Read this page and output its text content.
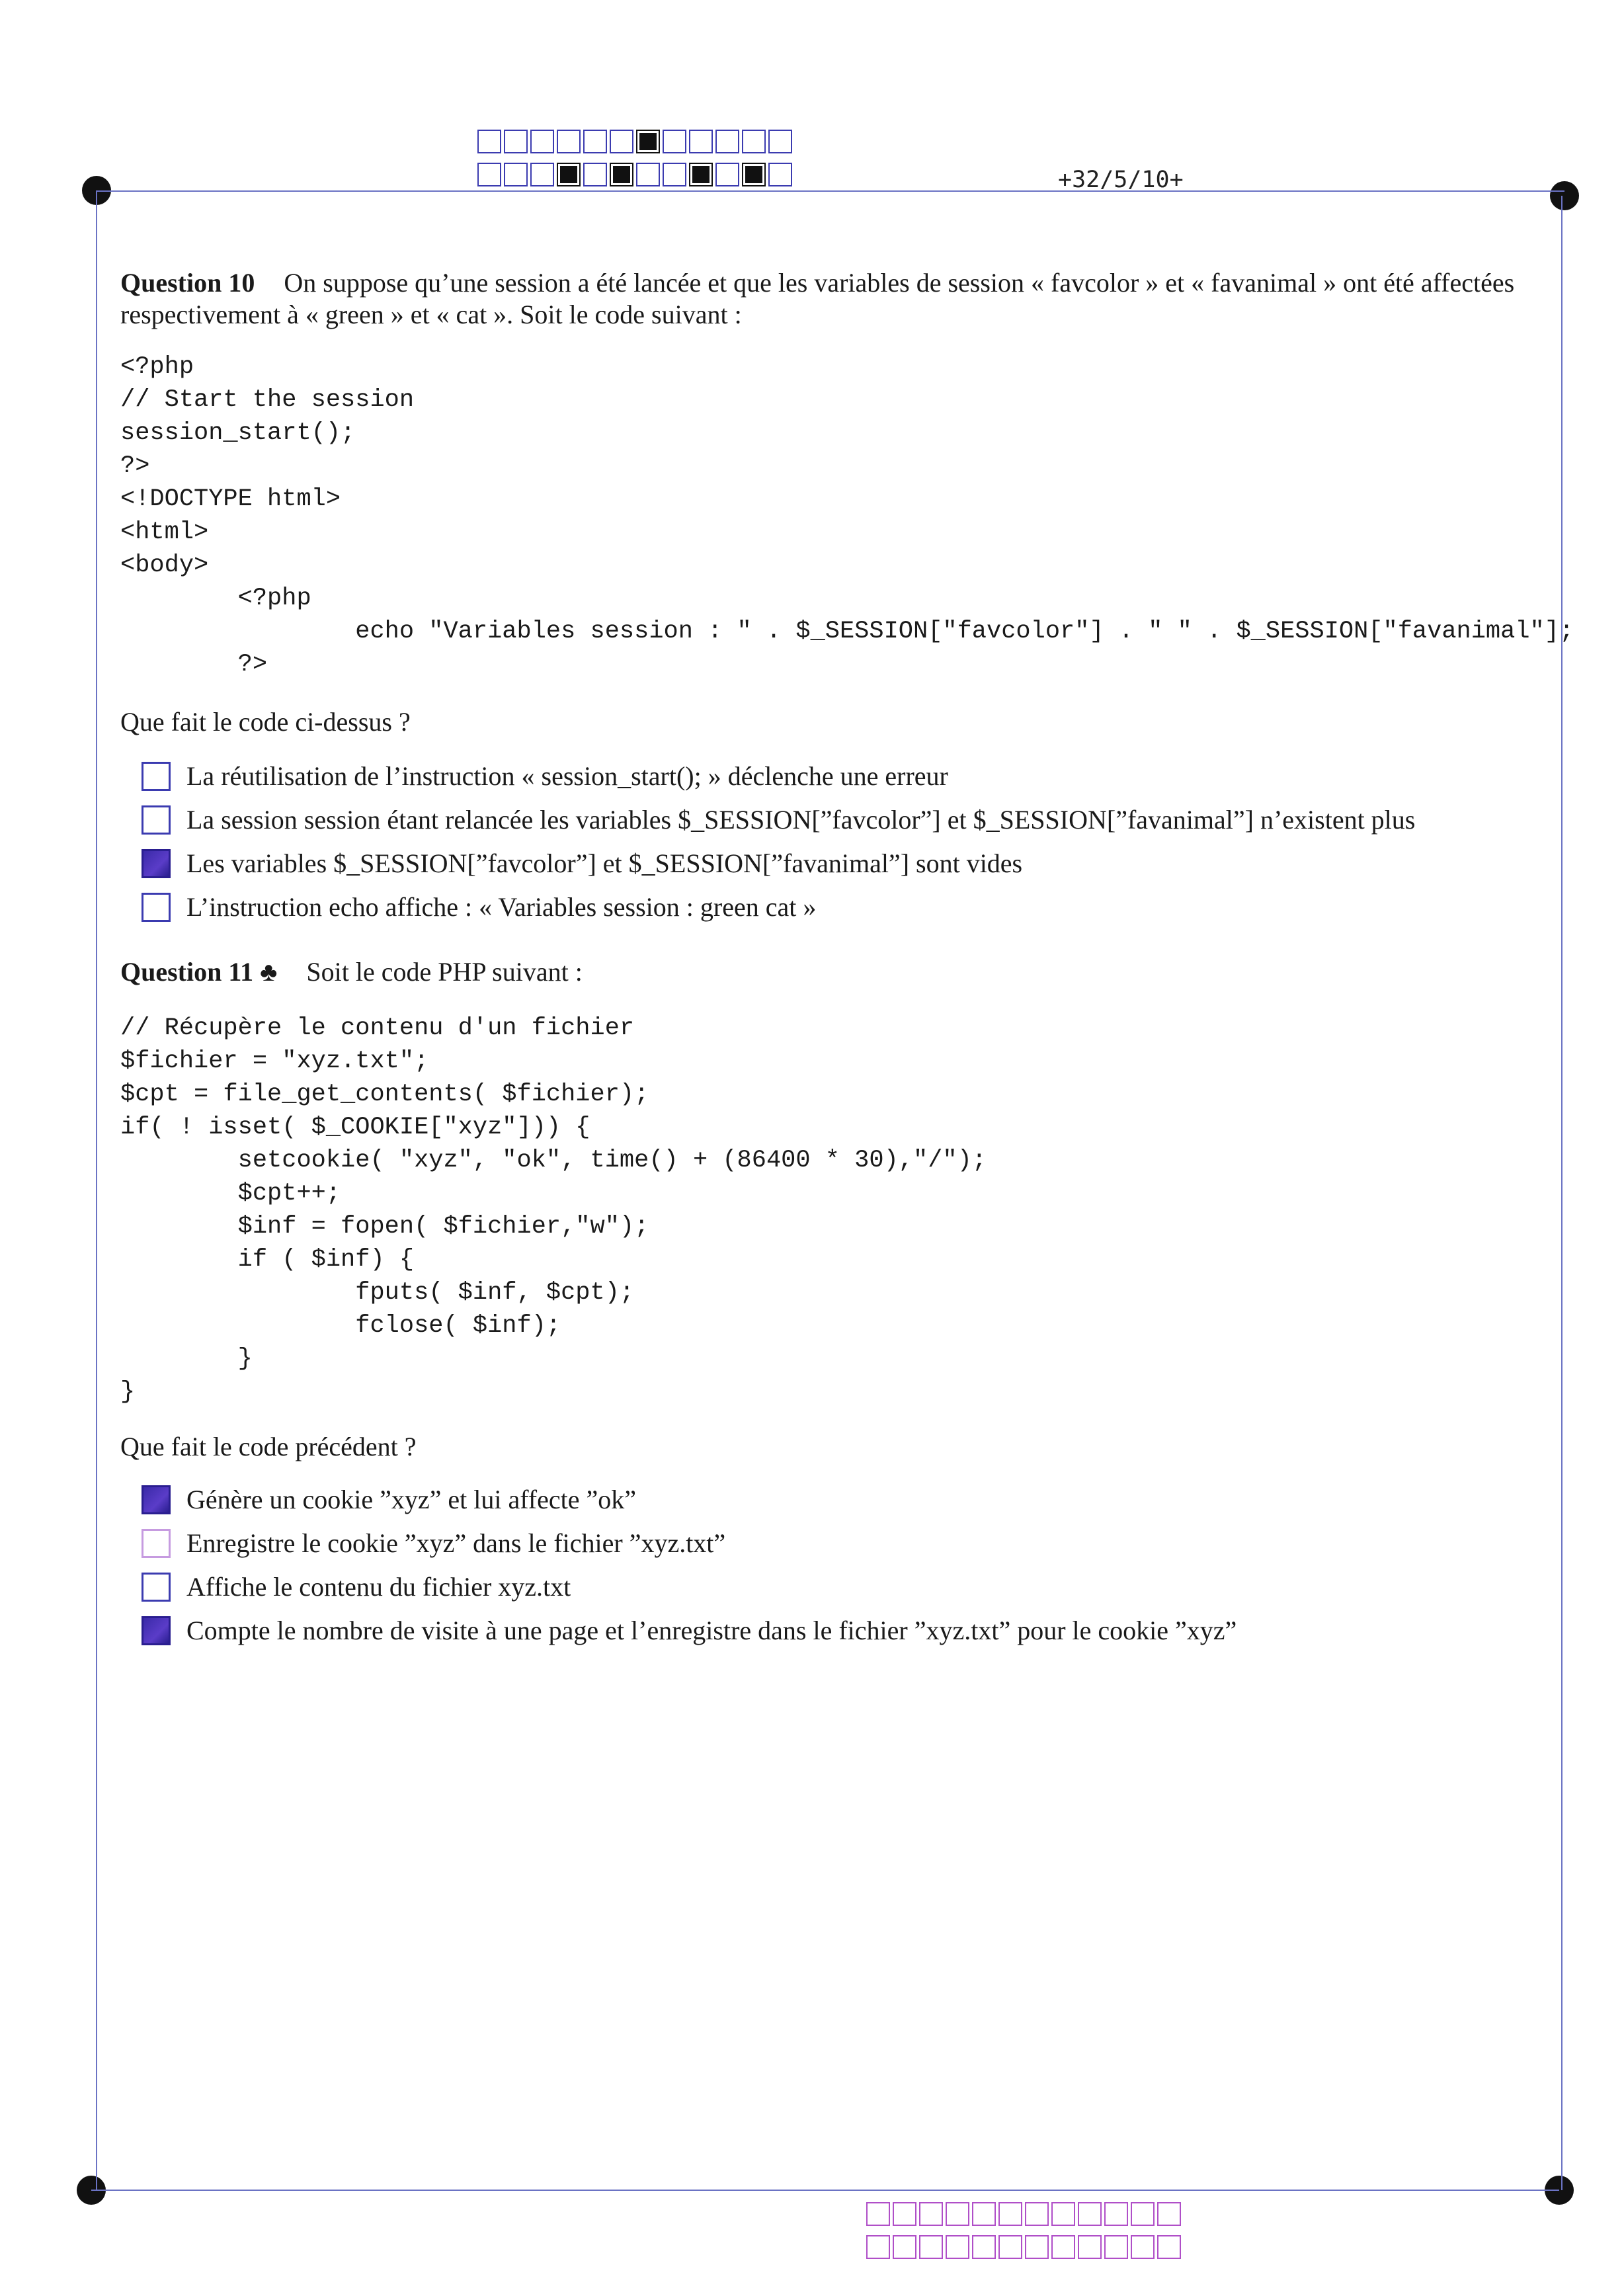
+32/5/10+
Question 10 On suppose qu’une session a été lancée et que les variables de session « favcolor » et « favanimal » ont été affectées respectivement à « green » et « cat ». Soit le code suivant :
<?php
// Start the session
session_start();
?>
<!DOCTYPE html>
<html>
<body>
<?php
echo "Variables session : " . $_SESSION["favcolor"] . " " . $_SESSION["favanimal"];
?>
Que fait le code ci-dessus ?
La réutilisation de l’instruction « session_start(); » déclenche une erreur
La session session étant relancée les variables $_SESSION[”favcolor”] et $_SESSION[”favanimal”] n’existent plus
Les variables $_SESSION[”favcolor”] et $_SESSION[”favanimal”] sont vides
L’instruction echo affiche : « Variables session : green cat »
Question 11 ♣ Soit le code PHP suivant :
// Récupère le contenu d'un fichier
$fichier = "xyz.txt";
$cpt = file_get_contents( $fichier);
if( ! isset( $_COOKIE["xyz"])) {
setcookie( "xyz", "ok", time() + (86400 * 30),"/");
$cpt++;
$inf = fopen( $fichier,"w");
if ( $inf) {
fputs( $inf, $cpt);
fclose( $inf);
}
}
Que fait le code précédent ?
Génère un cookie ”xyz” et lui affecte ”ok”
Enregistre le cookie ”xyz” dans le fichier ”xyz.txt”
Affiche le contenu du fichier xyz.txt
Compte le nombre de visite à une page et l’enregistre dans le fichier ”xyz.txt” pour le cookie ”xyz”
